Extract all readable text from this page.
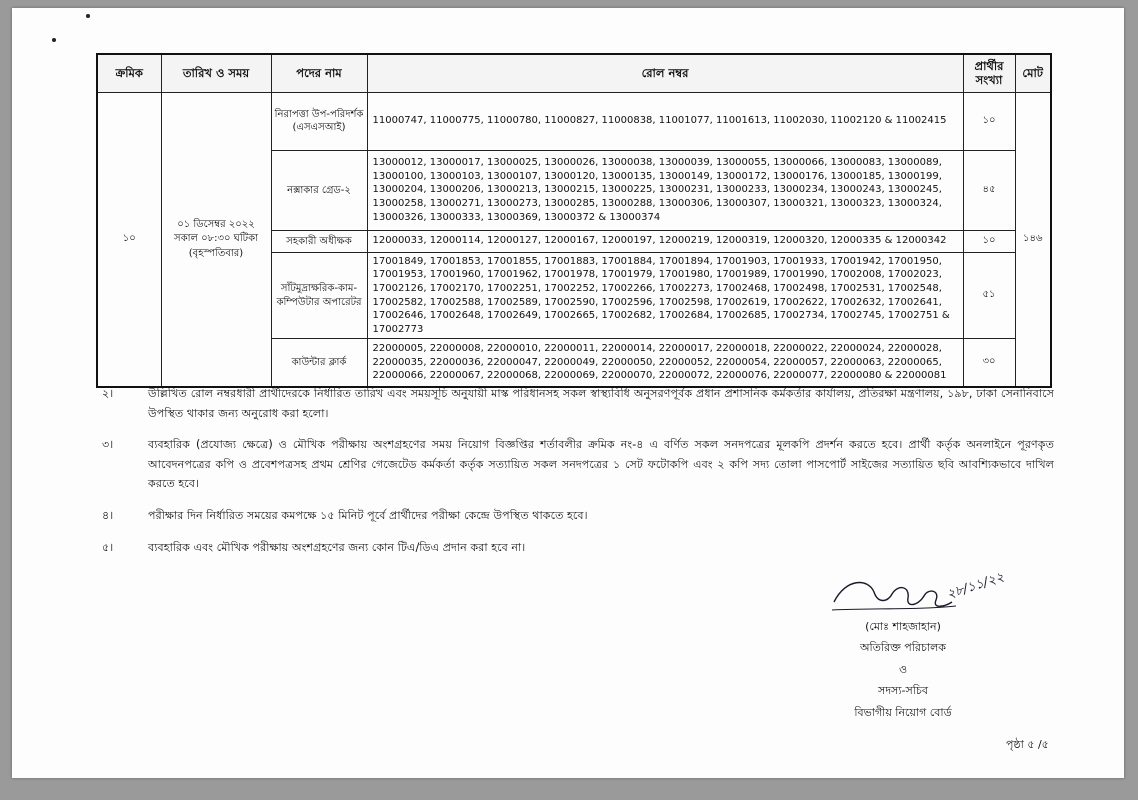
ক্রমিক	তারিখ ও সময়	পদের নাম	রোল নম্বর	প্রার্থীর সংখ্যা	মোট
১০	০১ ডিসেম্বর ২০২২
সকাল ০৮:৩০ ঘটিকা
(বৃহস্পতিবার)	নিরাপত্তা উপ-পরিদর্শক (এসএসআই)	11000747, 11000775, 11000780, 11000827, 11000838, 11001077, 11001613, 11002030, 11002120 & 11002415	১০	১৪৬
		নক্সাকার গ্রেড-২	13000012, 13000017, 13000025, 13000026, 13000038, 13000039, 13000055, 13000066, 13000083, 13000089, 13000100, 13000103, 13000107, 13000120, 13000135, 13000149, 13000172, 13000176, 13000185, 13000199, 13000204, 13000206, 13000213, 13000215, 13000225, 13000231, 13000233, 13000234, 13000243, 13000245, 13000258, 13000271, 13000273, 13000285, 13000288, 13000306, 13000307, 13000321, 13000323, 13000324, 13000326, 13000333, 13000369, 13000372 & 13000374	৪৫	
		সহকারী অধীক্ষক	12000033, 12000114, 12000127, 12000167, 12000197, 12000219, 12000319, 12000320, 12000335 & 12000342	১০	
		সাঁটমুদ্রাক্ষরিক-কাম-কম্পিউটার অপারেটর	17001849, 17001853, 17001855, 17001883, 17001884, 17001894, 17001903, 17001933, 17001942, 17001950, 17001953, 17001960, 17001962, 17001978, 17001979, 17001980, 17001989, 17001990, 17002008, 17002023, 17002126, 17002170, 17002251, 17002252, 17002266, 17002273, 17002468, 17002498, 17002531, 17002548, 17002582, 17002588, 17002589, 17002590, 17002596, 17002598, 17002619, 17002622, 17002632, 17002641, 17002646, 17002648, 17002649, 17002665, 17002682, 17002684, 17002685, 17002734, 17002745, 17002751 & 17002773	৫১	
		কাউন্টার ক্লার্ক	22000005, 22000008, 22000010, 22000011, 22000014, 22000017, 22000018, 22000022, 22000024, 22000028, 22000035, 22000036, 22000047, 22000049, 22000050, 22000052, 22000054, 22000057, 22000063, 22000065, 22000066, 22000067, 22000068, 22000069, 22000070, 22000072, 22000076, 22000077, 22000080 & 22000081	৩০	
২।	উল্লিখিত রোল নম্বরধারী প্রার্থীদেরকে নির্ধারিত তারিখ এবং সময়সূচি অনুযায়ী মাস্ক পরিধানসহ সকল স্বাস্থ্যবিধি অনুসরণপূর্বক প্রধান প্রশাসনিক কর্মকর্তার কার্যালয়, প্রতিরক্ষা মন্ত্রণালয়, ১৯৮, ঢাকা সেনানিবাসে উপস্থিত থাকার জন্য অনুরোধ করা হলো।
৩।	ব্যবহারিক (প্রযোজ্য ক্ষেত্রে) ও মৌখিক পরীক্ষায় অংশগ্রহণের সময় নিয়োগ বিজ্ঞপ্তির শর্তাবলীর ক্রমিক নং-৪ এ বর্ণিত সকল সনদপত্রের মূলকপি প্রদর্শন করতে হবে। প্রার্থী কর্তৃক অনলাইনে পূরণকৃত আবেদনপত্রের কপি ও প্রবেশপত্রসহ প্রথম শ্রেণির গেজেটেড কর্মকর্তা কর্তৃক সত্যায়িত সকল সনদপত্রের ১ সেট ফটোকপি এবং ২ কপি সদ্য তোলা পাসপোর্ট সাইজের সত্যায়িত ছবি আবশ্যিকভাবে দাখিল করতে হবে।
৪।	পরীক্ষার দিন নির্ধারিত সময়ের কমপক্ষে ১৫ মিনিট পূর্বে প্রার্থীদের পরীক্ষা কেন্দ্রে উপস্থিত থাকতে হবে।
৫।	ব্যবহারিক এবং মৌখিক পরীক্ষায় অংশগ্রহণের জন্য কোন টিএ/ডিএ প্রদান করা হবে না।
২৮/১১/২২
(মোঃ শাহজাহান)
অতিরিক্ত পরিচালক
ও
সদস্য-সচিব
বিভাগীয় নিয়োগ বোর্ড
পৃষ্ঠা ৫ /৫
